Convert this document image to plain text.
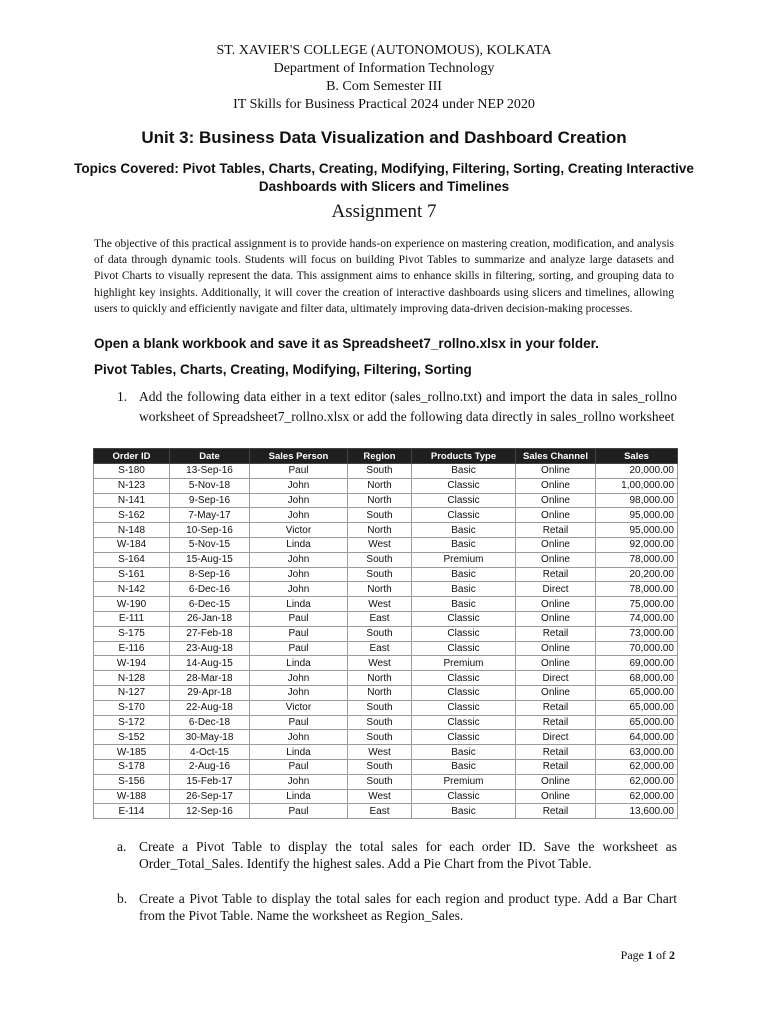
ST. XAVIER'S COLLEGE (AUTONOMOUS), KOLKATA
Department of Information Technology
B. Com Semester III
IT Skills for Business Practical 2024 under NEP 2020
Unit 3: Business Data Visualization and Dashboard Creation
Topics Covered: Pivot Tables, Charts, Creating, Modifying, Filtering, Sorting, Creating Interactive Dashboards with Slicers and Timelines
Assignment 7
The objective of this practical assignment is to provide hands-on experience on mastering creation, modification, and analysis of data through dynamic tools. Students will focus on building Pivot Tables to summarize and analyze large datasets and Pivot Charts to visually represent the data. This assignment aims to enhance skills in filtering, sorting, and grouping data to highlight key insights. Additionally, it will cover the creation of interactive dashboards using slicers and timelines, allowing users to quickly and efficiently navigate and filter data, ultimately improving data-driven decision-making processes.
Open a blank workbook and save it as Spreadsheet7_rollno.xlsx in your folder.
Pivot Tables, Charts, Creating, Modifying, Filtering, Sorting
1. Add the following data either in a text editor (sales_rollno.txt) and import the data in sales_rollno worksheet of Spreadsheet7_rollno.xlsx or add the following data directly in sales_rollno worksheet
Order ID	Date	Sales Person	Region	Products Type	Sales Channel	Sales
S-180	13-Sep-16	Paul	South	Basic	Online	20,000.00
N-123	5-Nov-18	John	North	Classic	Online	1,00,000.00
N-141	9-Sep-16	John	North	Classic	Online	98,000.00
S-162	7-May-17	John	South	Classic	Online	95,000.00
N-148	10-Sep-16	Victor	North	Basic	Retail	95,000.00
W-184	5-Nov-15	Linda	West	Basic	Online	92,000.00
S-164	15-Aug-15	John	South	Premium	Online	78,000.00
S-161	8-Sep-16	John	South	Basic	Retail	20,200.00
N-142	6-Dec-16	John	North	Basic	Direct	78,000.00
W-190	6-Dec-15	Linda	West	Basic	Online	75,000.00
E-111	26-Jan-18	Paul	East	Classic	Online	74,000.00
S-175	27-Feb-18	Paul	South	Classic	Retail	73,000.00
E-116	23-Aug-18	Paul	East	Classic	Online	70,000.00
W-194	14-Aug-15	Linda	West	Premium	Online	69,000.00
N-128	28-Mar-18	John	North	Classic	Direct	68,000.00
N-127	29-Apr-18	John	North	Classic	Online	65,000.00
S-170	22-Aug-18	Victor	South	Classic	Retail	65,000.00
S-172	6-Dec-18	Paul	South	Classic	Retail	65,000.00
S-152	30-May-18	John	South	Classic	Direct	64,000.00
W-185	4-Oct-15	Linda	West	Basic	Retail	63,000.00
S-178	2-Aug-16	Paul	South	Basic	Retail	62,000.00
S-156	15-Feb-17	John	South	Premium	Online	62,000.00
W-188	26-Sep-17	Linda	West	Classic	Online	62,000.00
E-114	12-Sep-16	Paul	East	Basic	Retail	13,600.00
a. Create a Pivot Table to display the total sales for each order ID. Save the worksheet as Order_Total_Sales. Identify the highest sales. Add a Pie Chart from the Pivot Table.
b. Create a Pivot Table to display the total sales for each region and product type. Add a Bar Chart from the Pivot Table. Name the worksheet as Region_Sales.
Page 1 of 2
